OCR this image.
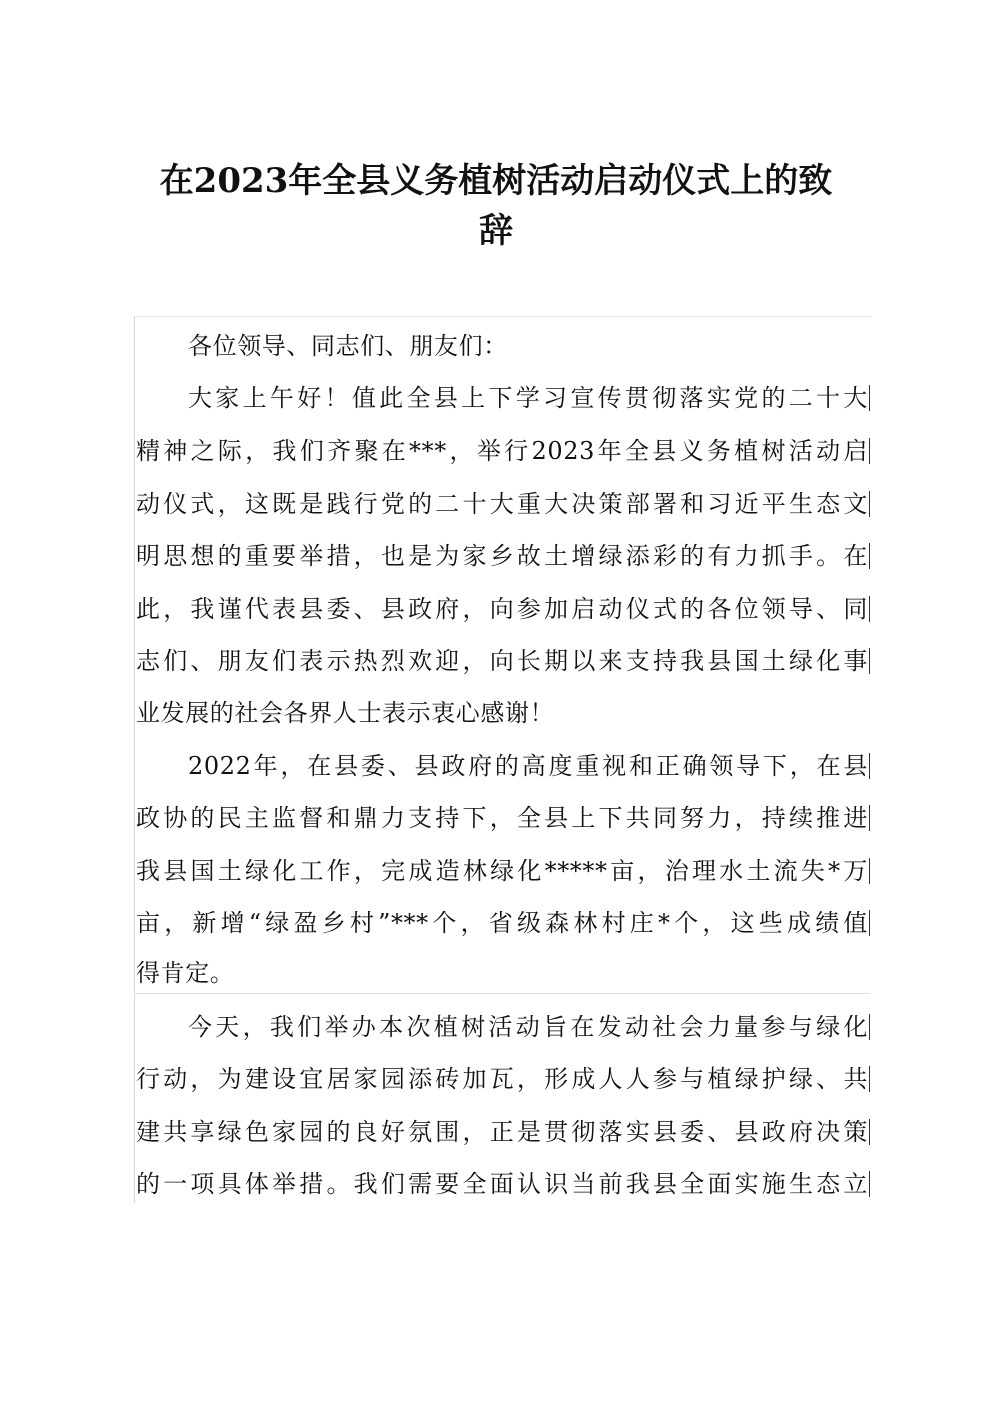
在2023年全县义务植树活动启动仪式上的致
辞
各位领导、同志们、朋友们：
大家上午好！值此全县上下学习宣传贯彻落实党的二十大
精神之际，我们齐聚在***，举行2023年全县义务植树活动启
动仪式，这既是践行党的二十大重大决策部署和习近平生态文
明思想的重要举措，也是为家乡故土增绿添彩的有力抓手。在
此，我谨代表县委、县政府，向参加启动仪式的各位领导、同
志们、朋友们表示热烈欢迎，向长期以来支持我县国土绿化事
业发展的社会各界人士表示衷心感谢！
2022年，在县委、县政府的高度重视和正确领导下，在县
政协的民主监督和鼎力支持下，全县上下共同努力，持续推进
我县国土绿化工作，完成造林绿化*****亩，治理水土流失*万
亩，新增“绿盈乡村”***个，省级森林村庄*个，这些成绩值
得肯定。
今天，我们举办本次植树活动旨在发动社会力量参与绿化
行动，为建设宜居家园添砖加瓦，形成人人参与植绿护绿、共
建共享绿色家园的良好氛围，正是贯彻落实县委、县政府决策
的一项具体举措。我们需要全面认识当前我县全面实施生态立
